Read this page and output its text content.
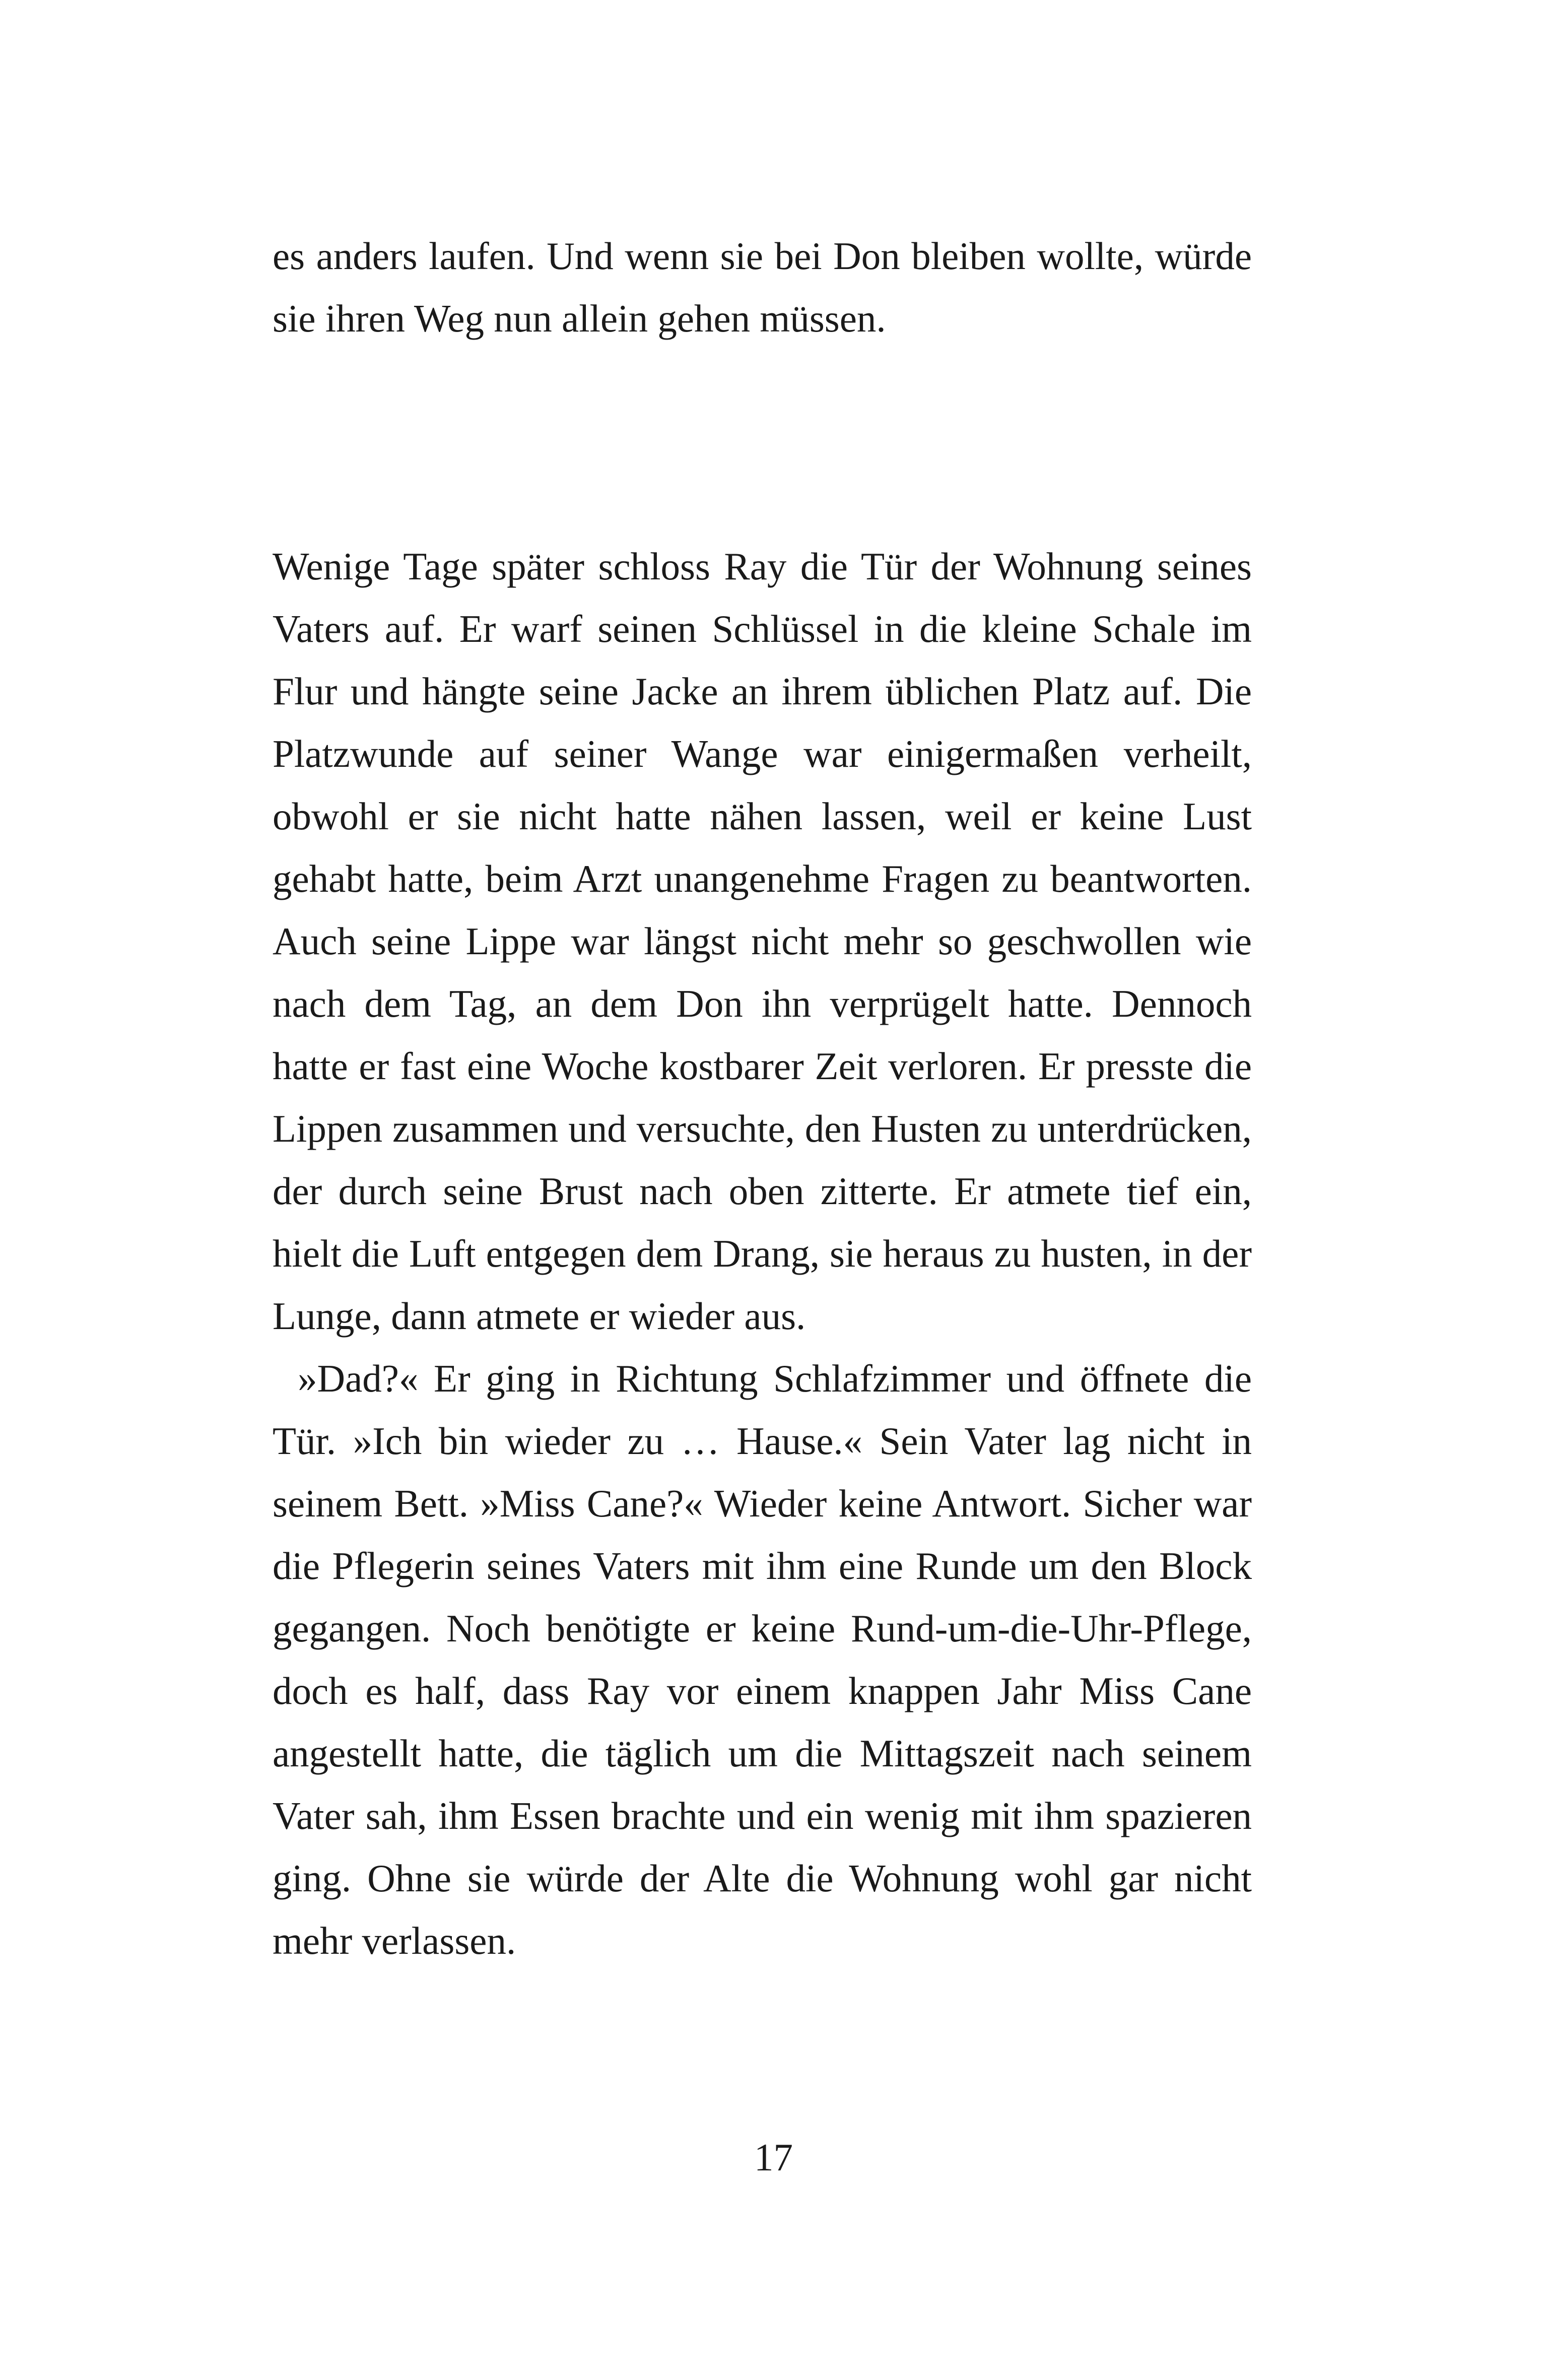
es anders laufen. Und wenn sie bei Don bleiben wollte, würde sie ihren Weg nun allein gehen müssen.

Wenige Tage später schloss Ray die Tür der Wohnung seines Vaters auf. Er warf seinen Schlüssel in die kleine Schale im Flur und hängte seine Jacke an ihrem üblichen Platz auf. Die Platzwunde auf seiner Wange war einigermaßen verheilt, obwohl er sie nicht hatte nähen lassen, weil er keine Lust gehabt hatte, beim Arzt unangenehme Fragen zu beantworten. Auch seine Lippe war längst nicht mehr so geschwollen wie nach dem Tag, an dem Don ihn verprügelt hatte. Dennoch hatte er fast eine Woche kostbarer Zeit verloren. Er presste die Lippen zusammen und versuchte, den Husten zu unterdrücken, der durch seine Brust nach oben zitterte. Er atmete tief ein, hielt die Luft entgegen dem Drang, sie heraus zu husten, in der Lunge, dann atmete er wieder aus.

»Dad?« Er ging in Richtung Schlafzimmer und öffnete die Tür. »Ich bin wieder zu … Hause.« Sein Vater lag nicht in seinem Bett. »Miss Cane?« Wieder keine Antwort. Sicher war die Pflegerin seines Vaters mit ihm eine Runde um den Block gegangen. Noch benötigte er keine Rund-um-die-Uhr-Pflege, doch es half, dass Ray vor einem knappen Jahr Miss Cane angestellt hatte, die täglich um die Mittagszeit nach seinem Vater sah, ihm Essen brachte und ein wenig mit ihm spazieren ging. Ohne sie würde der Alte die Wohnung wohl gar nicht mehr verlassen.

17
